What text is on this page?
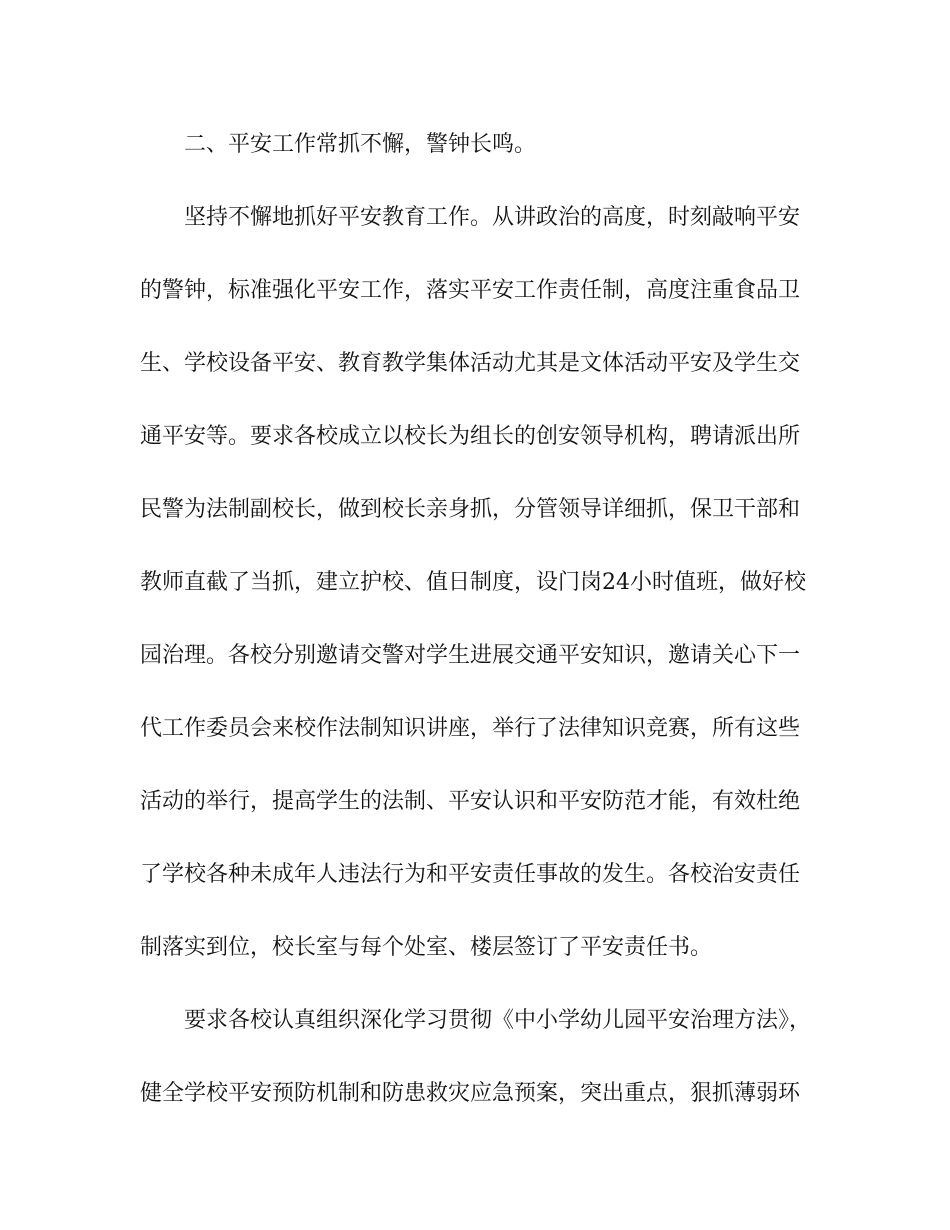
二、平安工作常抓不懈，警钟长鸣。
坚持不懈地抓好平安教育工作。从讲政治的高度，时刻敲响平安
的警钟，标准强化平安工作，落实平安工作责任制，高度注重食品卫
生、学校设备平安、教育教学集体活动尤其是文体活动平安及学生交
通平安等。要求各校成立以校长为组长的创安领导机构，聘请派出所
民警为法制副校长，做到校长亲身抓，分管领导详细抓，保卫干部和
教师直截了当抓，建立护校、值日制度，设门岗24小时值班，做好校
园治理。各校分别邀请交警对学生进展交通平安知识，邀请关心下一
代工作委员会来校作法制知识讲座，举行了法律知识竞赛，所有这些
活动的举行，提高学生的法制、平安认识和平安防范才能，有效杜绝
了学校各种未成年人违法行为和平安责任事故的发生。各校治安责任
制落实到位，校长室与每个处室、楼层签订了平安责任书。
要求各校认真组织深化学习贯彻《中小学幼儿园平安治理方法》，
健全学校平安预防机制和防患救灾应急预案，突出重点，狠抓薄弱环
